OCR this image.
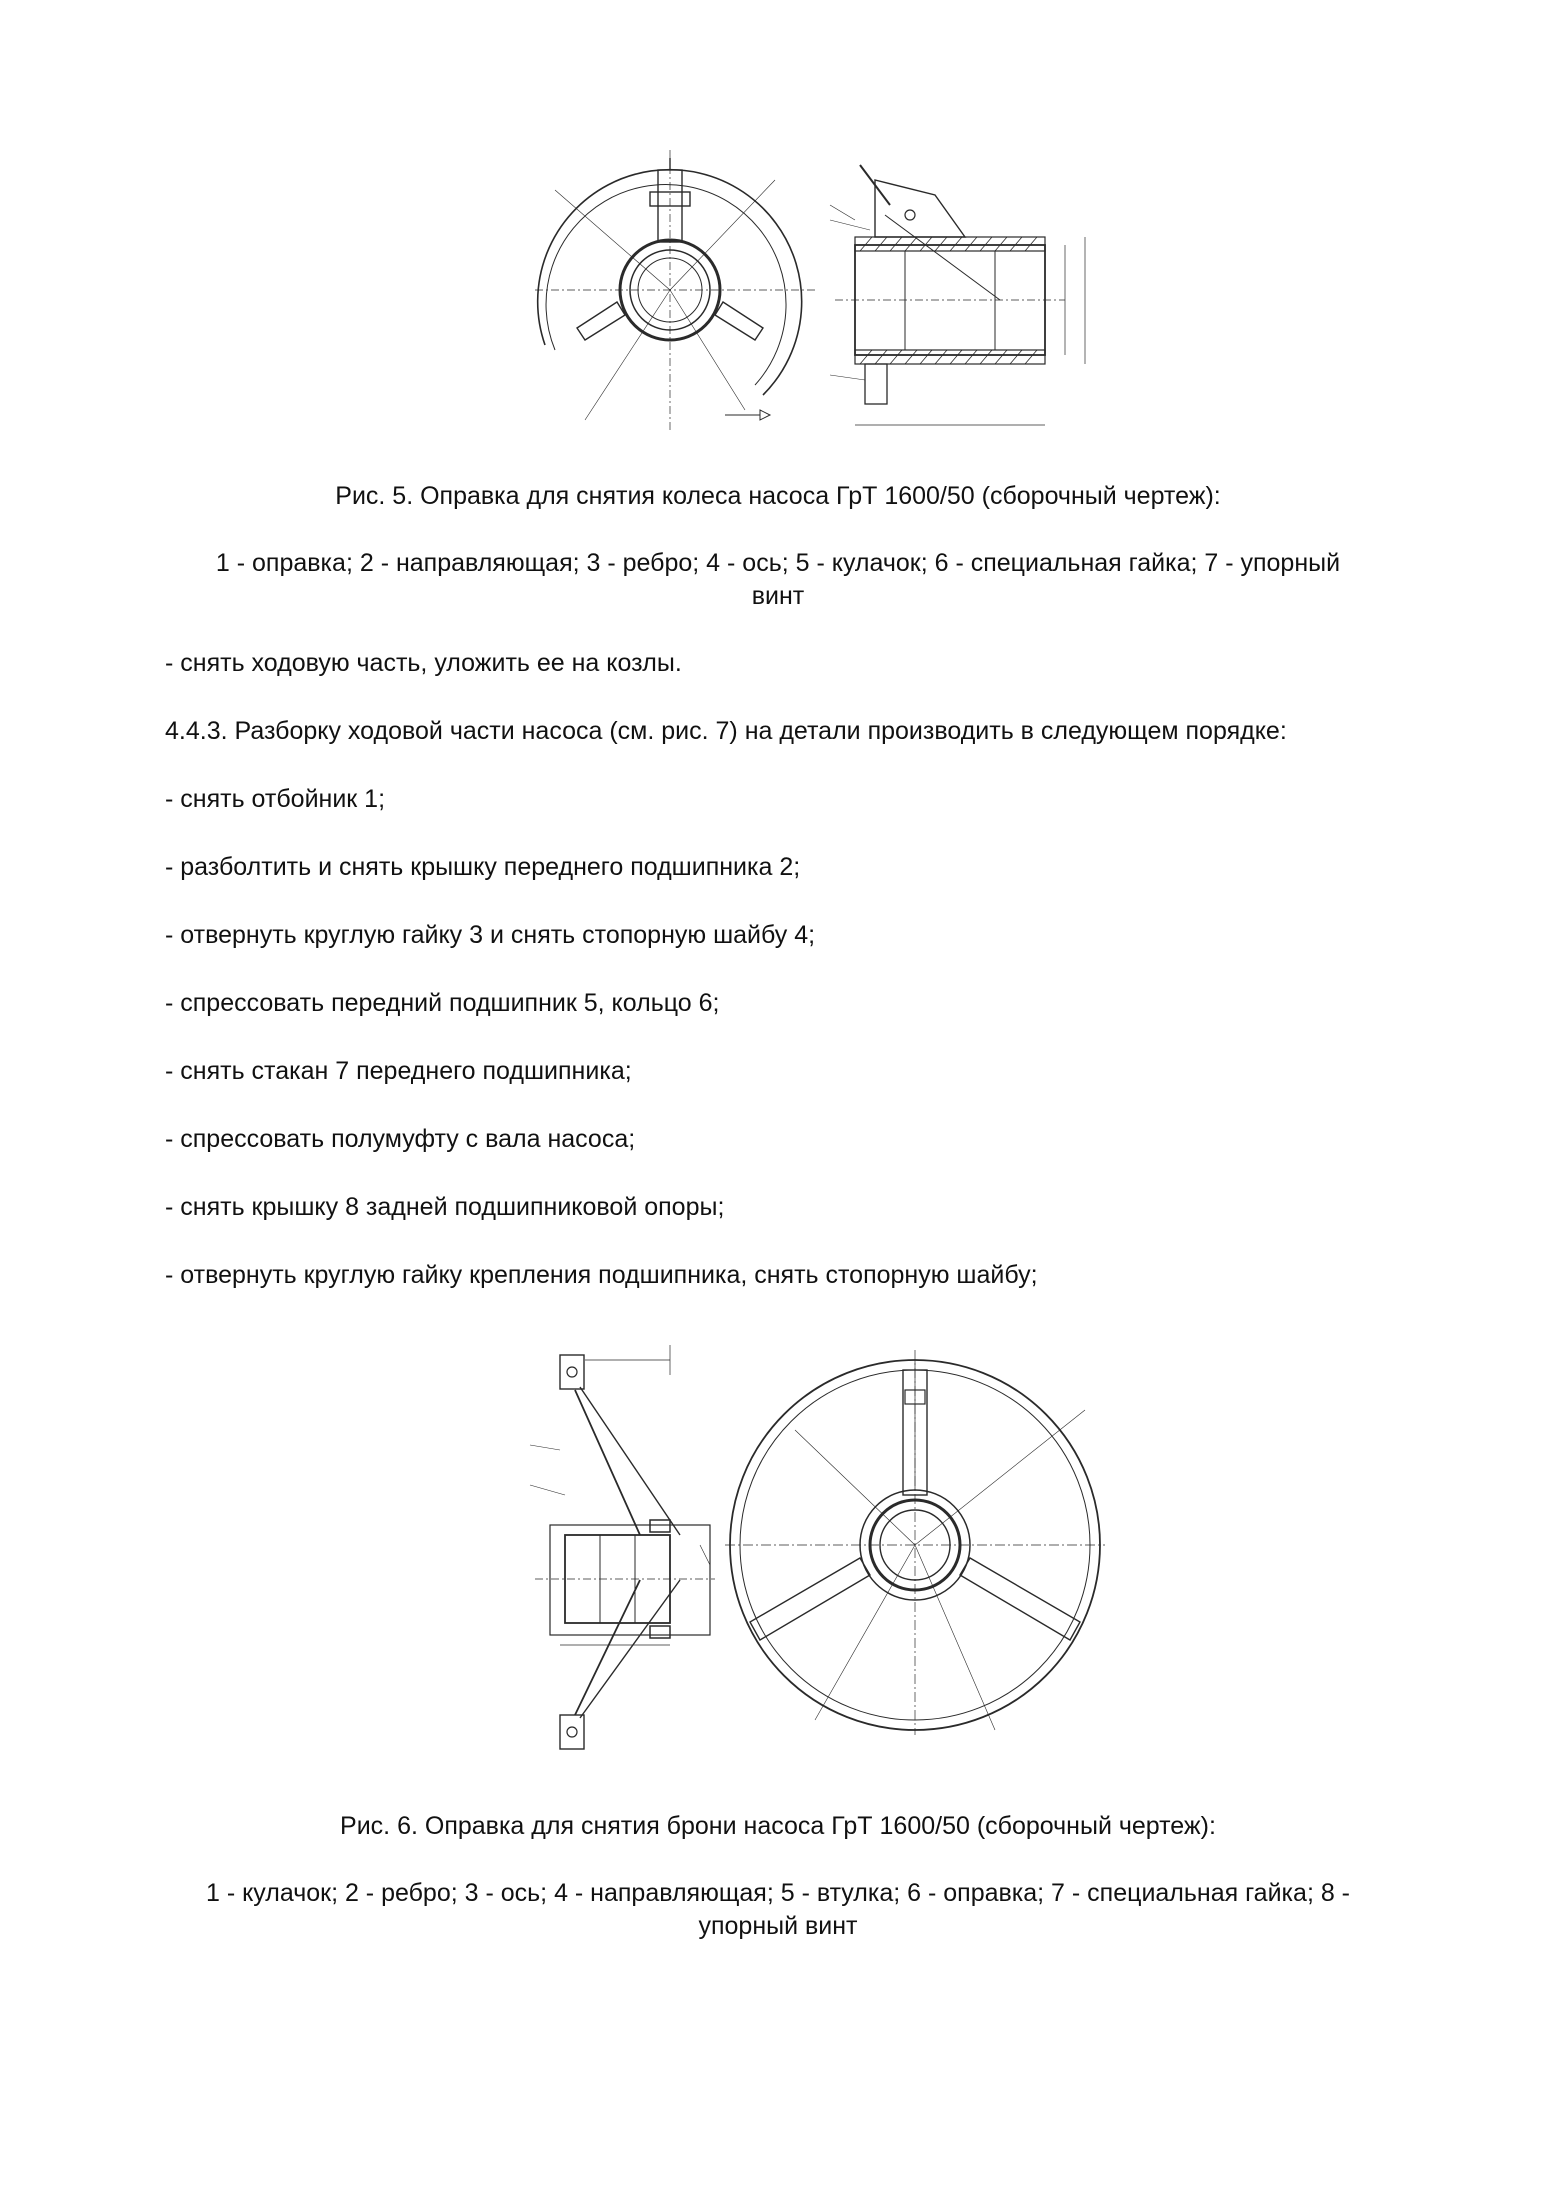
Рис. 5. Оправка для снятия колеса насоса ГрТ 1600/50 (сборочный чертеж):
1 - оправка; 2 - направляющая; 3 - ребро; 4 - ось; 5 - кулачок; 6 - специальная гайка; 7 - упорный
винт
- снять ходовую часть, уложить ее на козлы.
4.4.3. Разборку ходовой части насоса (см. рис. 7) на детали производить в следующем порядке:
- снять отбойник 1;
- разболтить и снять крышку переднего подшипника 2;
- отвернуть круглую гайку 3 и снять стопорную шайбу 4;
- спрессовать передний подшипник 5, кольцо 6;
- снять стакан 7 переднего подшипника;
- спрессовать полумуфту с вала насоса;
- снять крышку 8 задней подшипниковой опоры;
- отвернуть круглую гайку крепления подшипника, снять стопорную шайбу;
Рис. 6. Оправка для снятия брони насоса ГрТ 1600/50 (сборочный чертеж):
1 - кулачок; 2 - ребро; 3 - ось; 4 - направляющая; 5 - втулка; 6 - оправка; 7 - специальная гайка; 8 -
упорный винт
